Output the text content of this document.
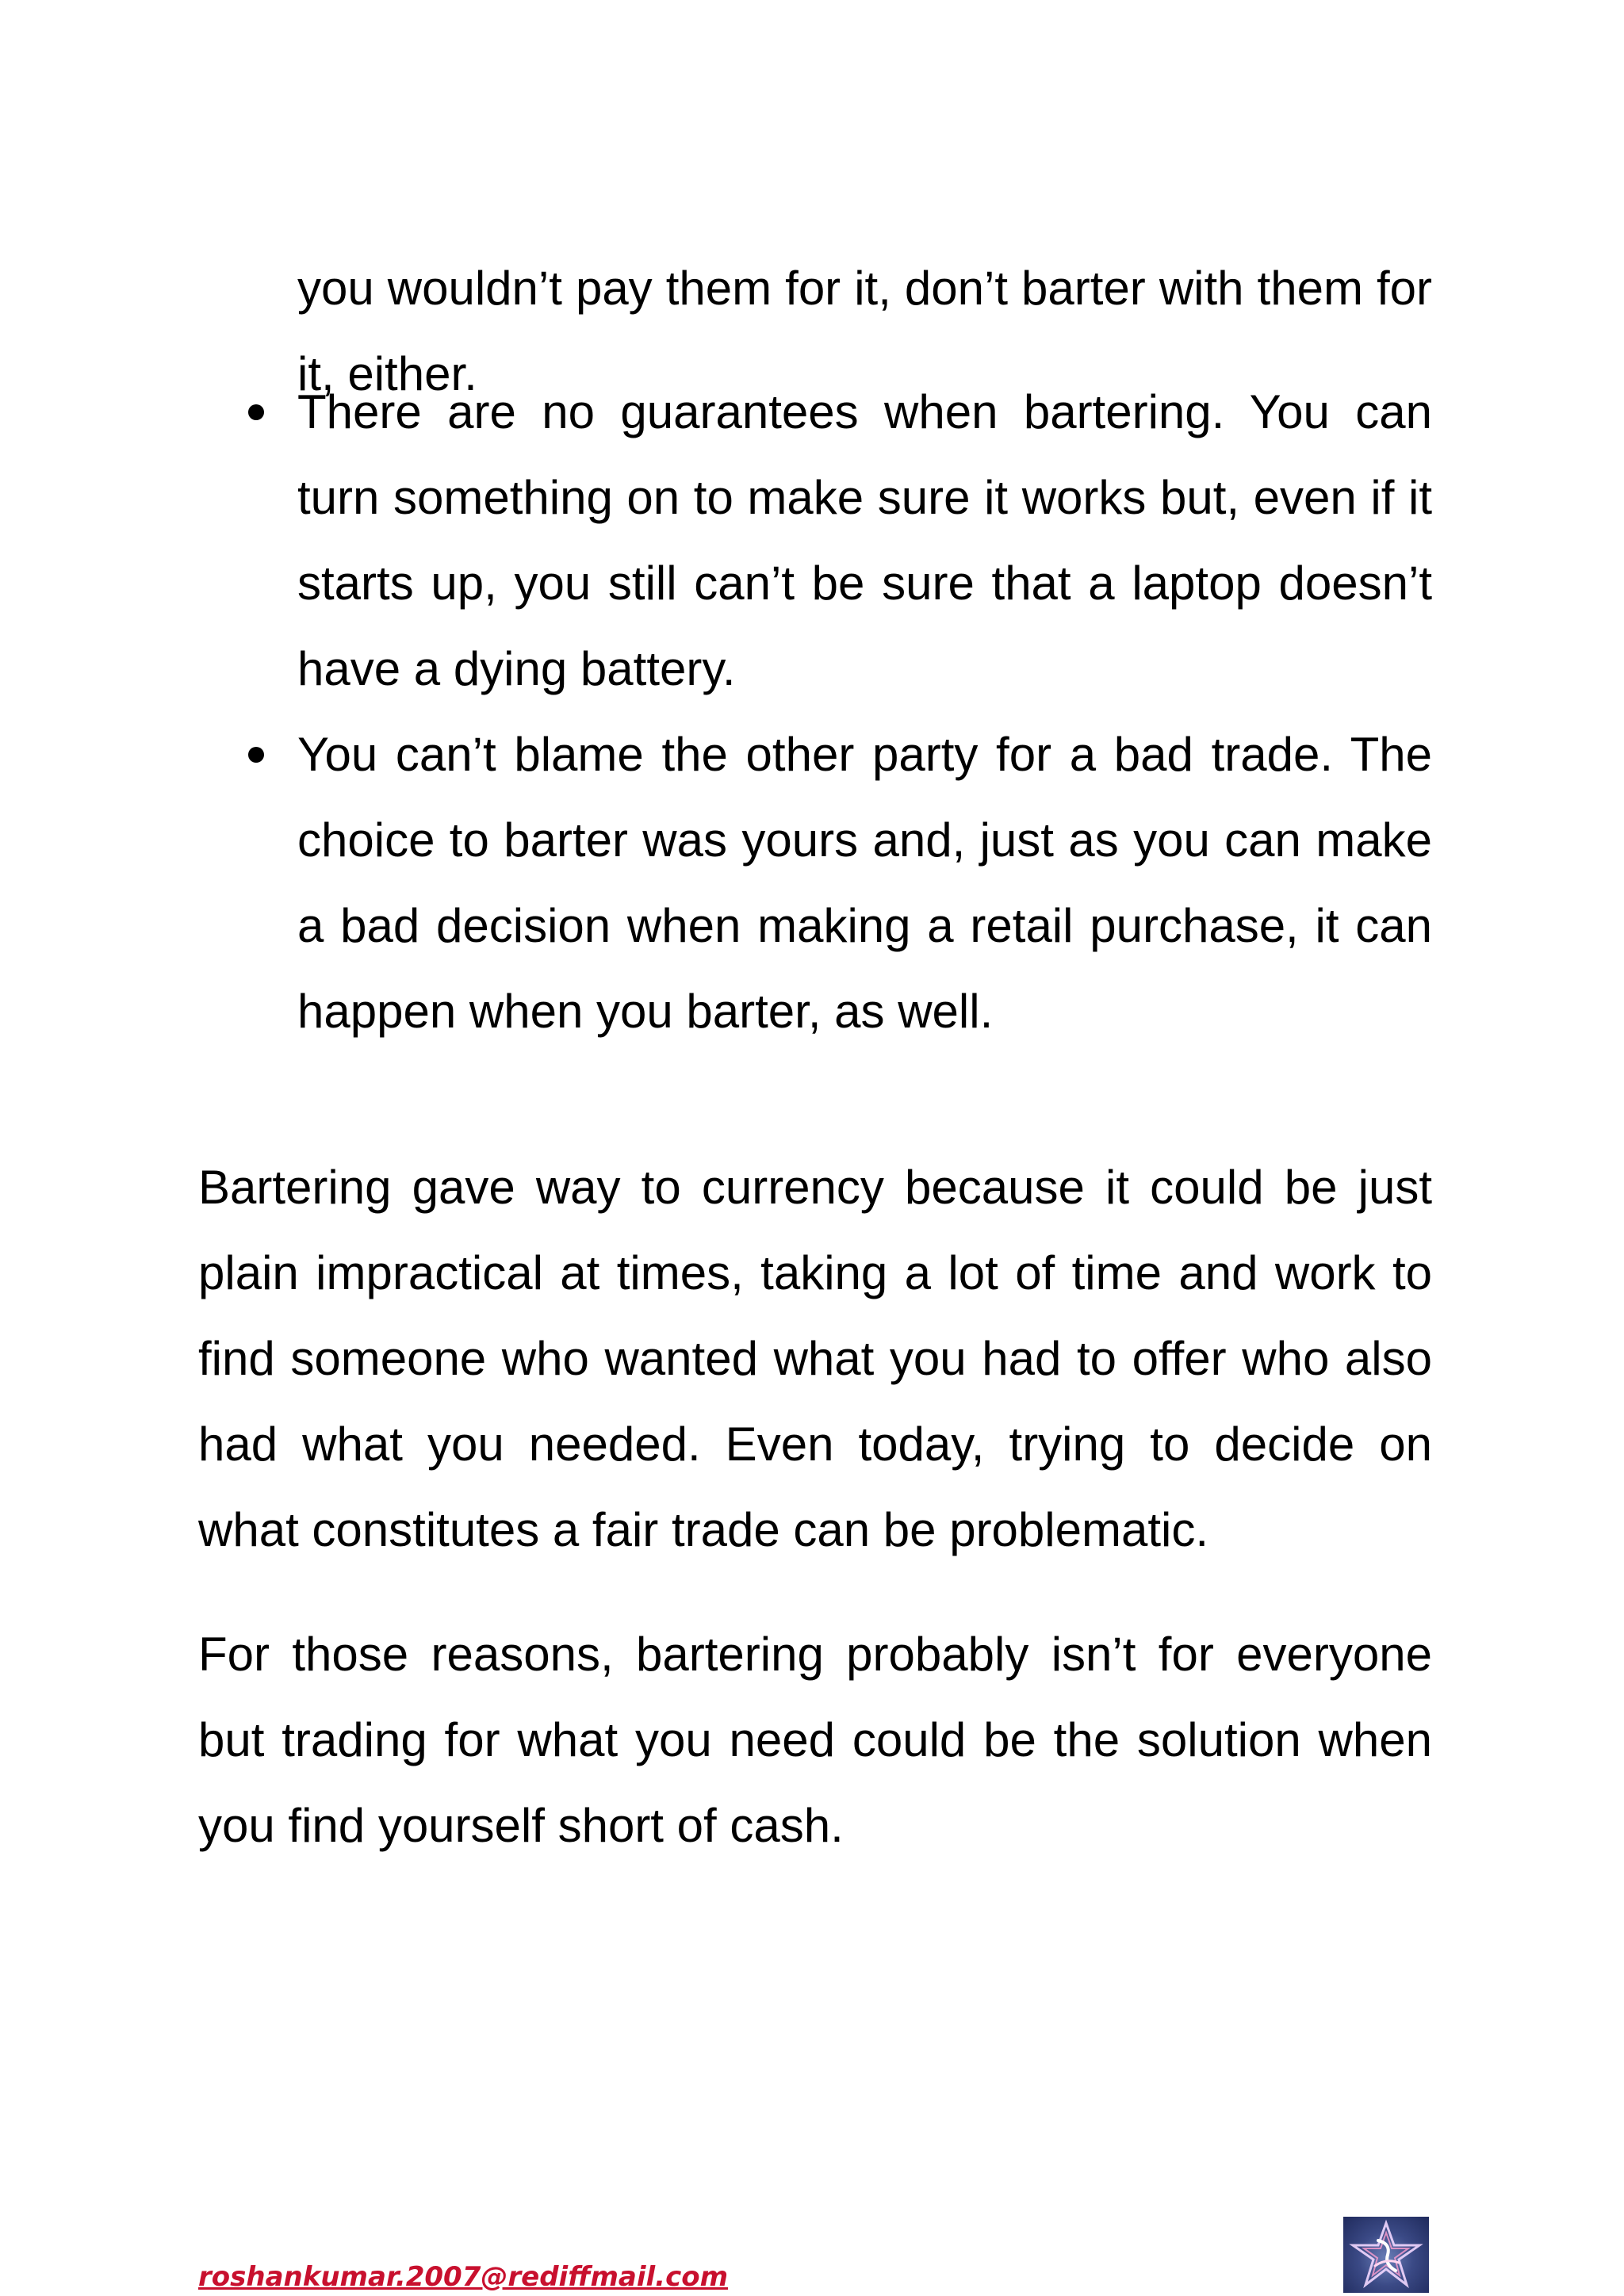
you wouldn’t pay them for it, don’t barter with them for it, either.

There are no guarantees when bartering. You can turn something on to make sure it works but, even if it starts up, you still can’t be sure that a laptop doesn’t have a dying battery.
You can’t blame the other party for a bad trade. The choice to barter was yours and, just as you can make a bad decision when making a retail purchase, it can happen when you barter, as well.

Bartering gave way to currency because it could be just plain impractical at times, taking a lot of time and work to find someone who wanted what you had to offer who also had what you needed. Even today, trying to decide on what constitutes a fair trade can be problematic.

For those reasons, bartering probably isn’t for everyone but trading for what you need could be the solution when you find yourself short of cash.

roshankumar.2007@rediffmail.com
